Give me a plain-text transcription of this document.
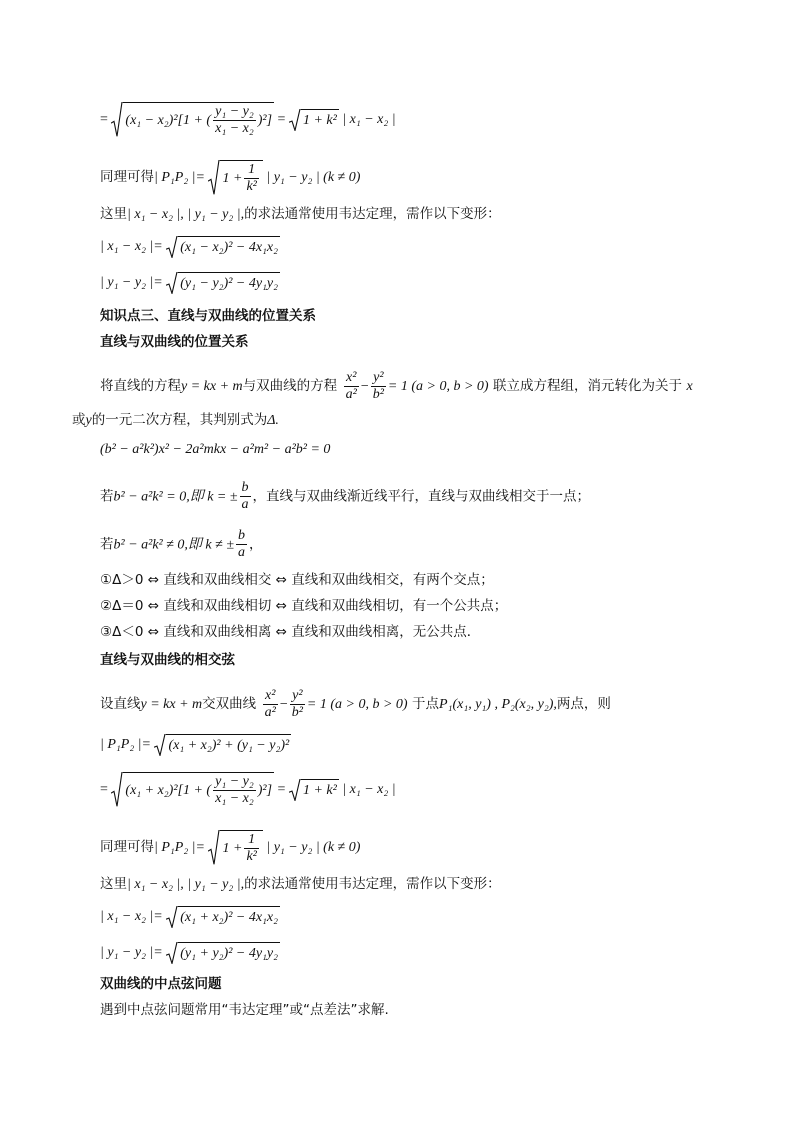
= (x₁ − x₂)²[1 + ( $\frac{\text{y₁ − y₂}}{\text{x₁ − x₂}} )^2] = 1 + k^2$ | x₁ − x₂ |
同理可得| P₁P₂ |= $1 + \frac{1}{\text{k²}}$ | y₁ − y₂ | (k ≠ 0)
这里| x₁ − x₂ |, | y₁ − y₂ |,的求法通常使用韦达定理，需作以下变形：
| x₁ − x₂ |= (x₁ − x₂)² − 4x₁x₂
| y₁ − y₂ |= (y₁ − y₂)² − 4y₁y₂
知识点三、直线与双曲线的位置关系
直线与双曲线的位置关系
将直线的方程y = kx + m与双曲线的方程 $\frac{\text{x²}}{\text{a²}} - \frac{\text{y²}}{\text{b²}} = 1$ (a > 0, b > 0) 联立成方程组，消元转化为关于 x
或y的一元二次方程，其判别式为Δ.
(b² − a²k²)x² − 2a²mkx − a²m² − a²b² = 0
若b² − a²k² = 0,即 k = ± $\frac{b}{a}$ ，直线与双曲线渐近线平行，直线与双曲线相交于一点；
若b² − a²k² ≠ 0,即 k ≠ ± $\frac{b}{a}$ ，
①Δ＞0 ⇔ 直线和双曲线相交 ⇔ 直线和双曲线相交，有两个交点；
②Δ＝0 ⇔ 直线和双曲线相切 ⇔ 直线和双曲线相切，有一个公共点；
③Δ＜0 ⇔ 直线和双曲线相离 ⇔ 直线和双曲线相离，无公共点．
直线与双曲线的相交弦
设直线y = kx + m交双曲线 $\frac{\text{x²}}{\text{a²}} - \frac{\text{y²}}{\text{b²}} = 1$ (a > 0, b > 0) 于点P₁(x₁, y₁) , P₂(x₂, y₂),两点，则
| P₁P₂ |= (x₁ + x₂)² + (y₁ − y₂)²
= (x₁ + x₂)²[1 + ( $\frac{\text{y₁ − y₂}}{\text{x₁ − x₂}} )^2] = 1 + k^2$ | x₁ − x₂ |
同理可得| P₁P₂ |= $1 + \frac{1}{\text{k²}}$ | y₁ − y₂ | (k ≠ 0)
这里| x₁ − x₂ |, | y₁ − y₂ |,的求法通常使用韦达定理，需作以下变形：
| x₁ − x₂ |= (x₁ + x₂)² − 4x₁x₂
| y₁ − y₂ |= (y₁ + y₂)² − 4y₁y₂
双曲线的中点弦问题
遇到中点弦问题常用“韦达定理”或“点差法”求解.
